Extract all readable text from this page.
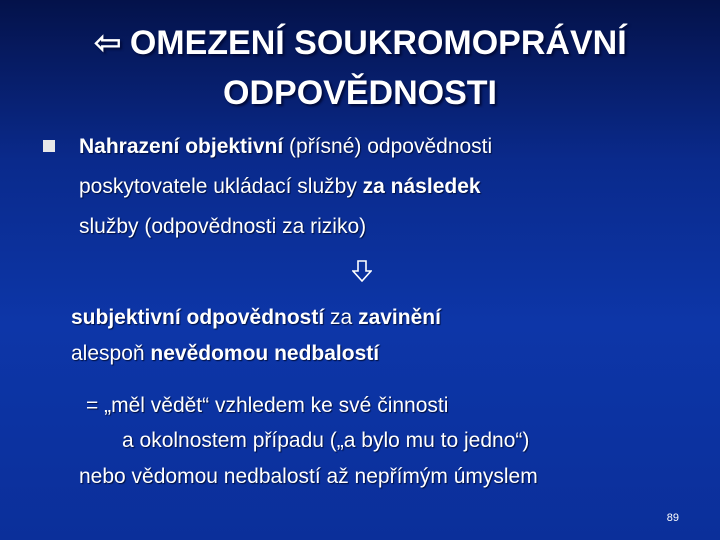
⇦ OMEZENÍ SOUKROMOPRÁVNÍ
ODPOVĚDNOSTI
Nahrazení objektivní (přísné) odpovědnosti
poskytovatele ukládací služby za následek
služby (odpovědnosti za riziko)
subjektivní odpovědností za zavinění
alespoň nevědomou nedbalostí
= „měl vědět“ vzhledem ke své činnosti
a okolnostem případu („a bylo mu to jedno“)
nebo vědomou nedbalostí až nepřímým úmyslem
89
